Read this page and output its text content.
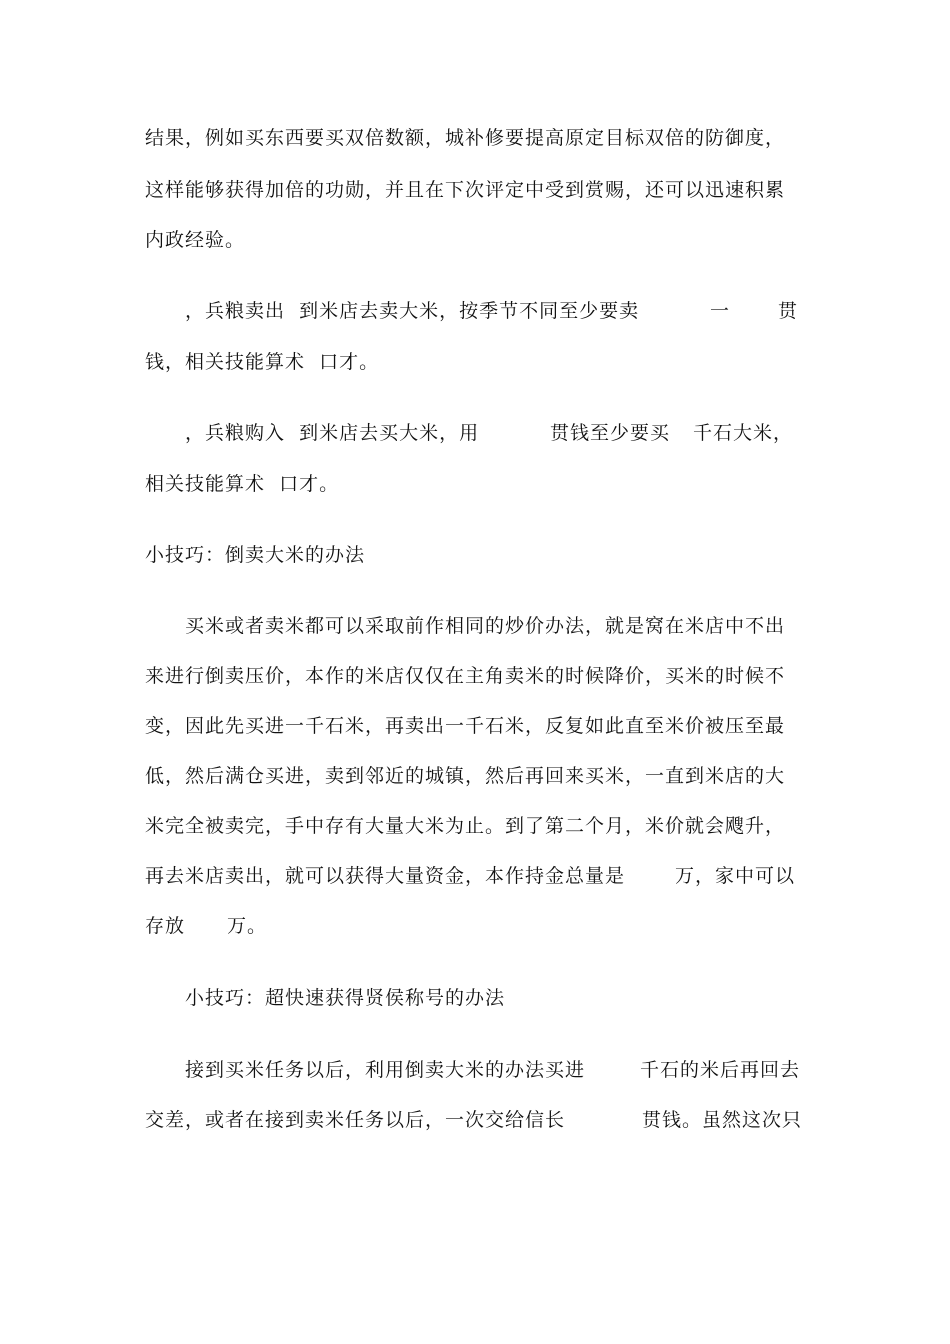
结果，例如买东西要买双倍数额，城补修要提高原定目标双倍的防御度，
这样能够获得加倍的功勋，并且在下次评定中受到赏赐，还可以迅速积累
内政经验。

，兵粮卖出  到米店去卖大米，按季节不同至少要卖

	一

	贯

钱，相关技能算术  口才。

，兵粮购入  到米店去买大米，用

	贯钱至少要买

千石大米，

相关技能算术  口才。
小技巧：倒卖大米的办法
买米或者卖米都可以采取前作相同的炒价办法，就是窝在米店中不出
来进行倒卖压价，本作的米店仅仅在主角卖米的时候降价，买米的时候不
变，因此先买进一千石米，再卖出一千石米，反复如此直至米价被压至最
低，然后满仓买进，卖到邻近的城镇，然后再回来买米，一直到米店的大
米完全被卖完，手中存有大量大米为止。到了第二个月，米价就会飕升，

再去米店卖出，就可以获得大量资金，本作持金总量是

	万，家中可以

存放

万。

小技巧：超快速获得贤侯称号的办法

接到买米任务以后，利用倒卖大米的办法买进

	千石的米后再回去

交差，或者在接到卖米任务以后，一次交给信长

	贯钱。虽然这次只
